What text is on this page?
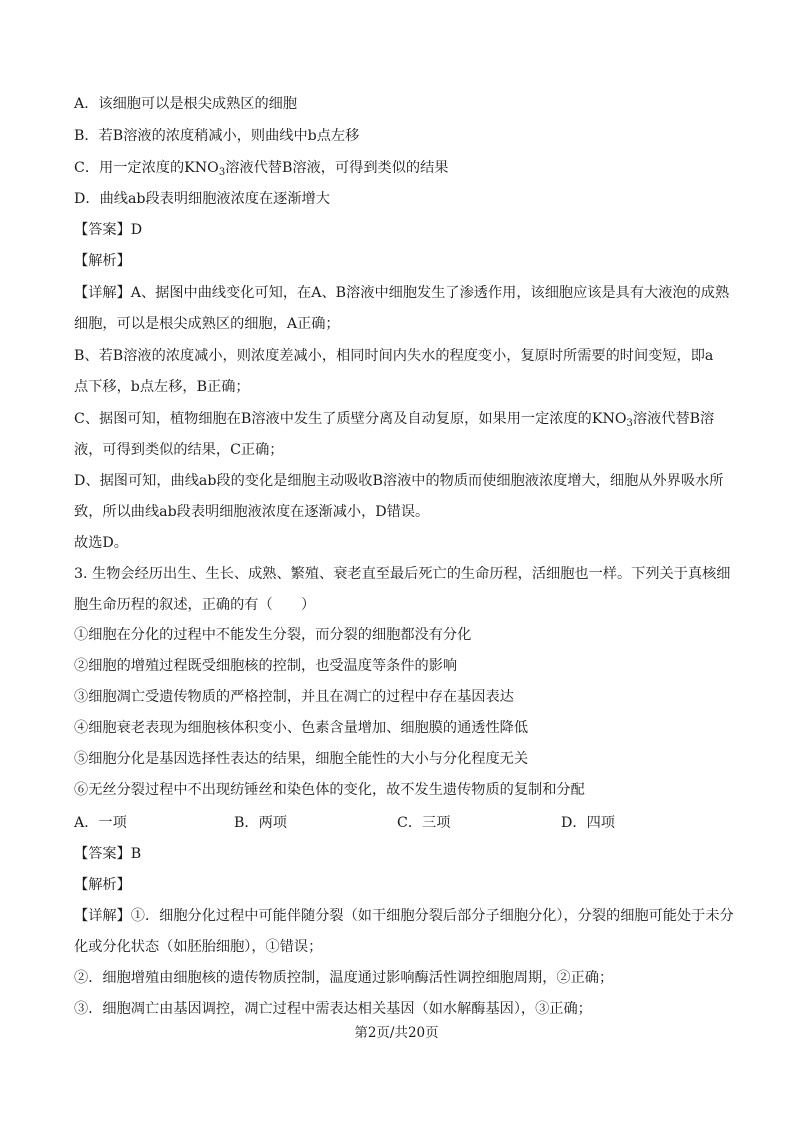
A．该细胞可以是根尖成熟区的细胞
B．若B溶液的浓度稍减小，则曲线中b点左移
C．用一定浓度的$KNO_3$溶液代替B溶液，可得到类似的结果
D．曲线ab段表明细胞液浓度在逐渐增大
【答案】D
【解析】
【详解】A、据图中曲线变化可知，在A、B溶液中细胞发生了渗透作用，该细胞应该是具有大液泡的成熟
细胞，可以是根尖成熟区的细胞，A正确；
B、若B溶液的浓度减小，则浓度差减小，相同时间内失水的程度变小，复原时所需要的时间变短，即a
点下移，b点左移，B正确；
C、据图可知，植物细胞在B溶液中发生了质壁分离及自动复原，如果用一定浓度的$KNO_3$溶液代替B溶
液，可得到类似的结果，C正确；
D、据图可知，曲线ab段的变化是细胞主动吸收B溶液中的物质而使细胞液浓度增大，细胞从外界吸水所
致，所以曲线ab段表明细胞液浓度在逐渐减小，D错误。
故选D。
3. 生物会经历出生、生长、成熟、繁殖、衰老直至最后死亡的生命历程，活细胞也一样。下列关于真核细
胞生命历程的叙述，正确的有（　　）
①细胞在分化的过程中不能发生分裂，而分裂的细胞都没有分化
②细胞的增殖过程既受细胞核的控制，也受温度等条件的影响
③细胞凋亡受遗传物质的严格控制，并且在凋亡的过程中存在基因表达
④细胞衰老表现为细胞核体积变小、色素含量增加、细胞膜的通透性降低
⑤细胞分化是基因选择性表达的结果，细胞全能性的大小与分化程度无关
⑥无丝分裂过程中不出现纺锤丝和染色体的变化，故不发生遗传物质的复制和分配
A．一项	B．两项	C．三项	D．四项
【答案】B
【解析】
【详解】①．细胞分化过程中可能伴随分裂（如干细胞分裂后部分子细胞分化），分裂的细胞可能处于未分
化或分化状态（如胚胎细胞），①错误；
②．细胞增殖由细胞核的遗传物质控制，温度通过影响酶活性调控细胞周期，②正确；
③．细胞凋亡由基因调控，凋亡过程中需表达相关基因（如水解酶基因），③正确；
第2页/共20页
